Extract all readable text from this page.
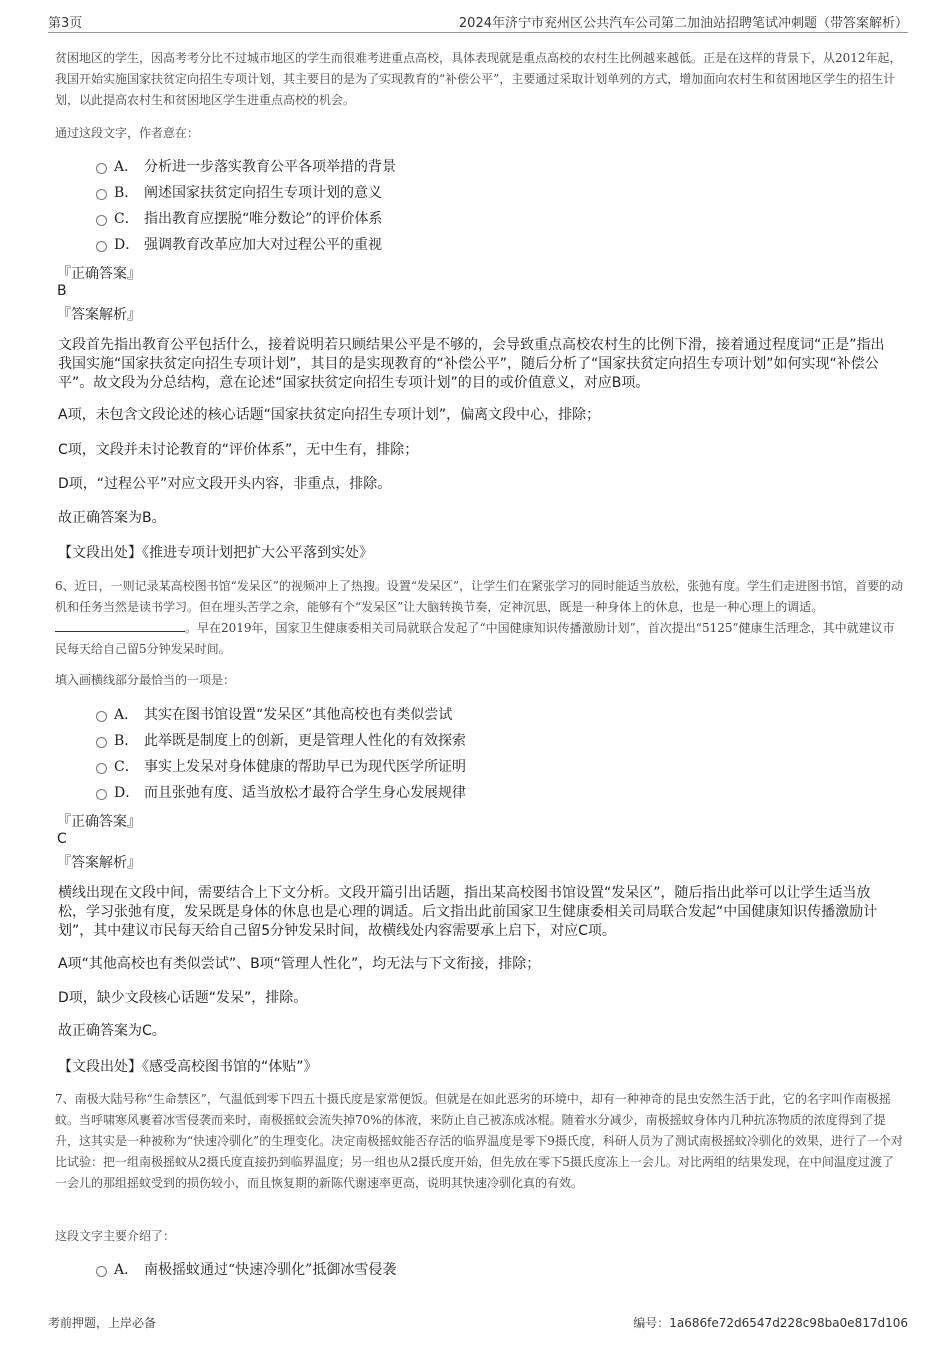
第3页	2024年济宁市兖州区公共汽车公司第二加油站招聘笔试冲刺题（带答案解析）
贫困地区的学生，因高考考分比不过城市地区的学生而很难考进重点高校，具体表现就是重点高校的农村生比例越来越低。正是在这样的背景下，从2012年起，我国开始实施国家扶贫定向招生专项计划，其主要目的是为了实现教育的“补偿公平”，主要通过采取计划单列的方式，增加面向农村生和贫困地区学生的招生计划，以此提高农村生和贫困地区学生进重点高校的机会。
通过这段文字，作者意在：
A． 分析进一步落实教育公平各项举措的背景
B． 阐述国家扶贫定向招生专项计划的意义
C． 指出教育应摆脱“唯分数论”的评价体系
D． 强调教育改革应加大对过程公平的重视
『正确答案』
B
『答案解析』
文段首先指出教育公平包括什么，接着说明若只顾结果公平是不够的，会导致重点高校农村生的比例下滑，接着通过程度词“正是”指出我国实施“国家扶贫定向招生专项计划”，其目的是实现教育的“补偿公平”，随后分析了“国家扶贫定向招生专项计划”如何实现“补偿公平”。故文段为分总结构，意在论述“国家扶贫定向招生专项计划”的目的或价值意义，对应B项。
A项，未包含文段论述的核心话题“国家扶贫定向招生专项计划”，偏离文段中心，排除；
C项，文段并未讨论教育的“评价体系”，无中生有，排除；
D项，“过程公平”对应文段开头内容，非重点，排除。
故正确答案为B。
【文段出处】《推进专项计划把扩大公平落到实处》
6、近日，一则记录某高校图书馆“发呆区”的视频冲上了热搜。设置“发呆区”，让学生们在紧张学习的同时能适当放松，张弛有度。学生们走进图书馆，首要的动机和任务当然是读书学习。但在埋头苦学之余，能够有个“发呆区”让大脑转换节奏，定神沉思，既是一种身体上的休息，也是一种心理上的调适。。早在2019年，国家卫生健康委相关司局就联合发起了“中国健康知识传播激励计划”，首次提出“5125”健康生活理念，其中就建议市民每天给自己留5分钟发呆时间。
填入画横线部分最恰当的一项是：
A． 其实在图书馆设置“发呆区”其他高校也有类似尝试
B． 此举既是制度上的创新，更是管理人性化的有效探索
C． 事实上发呆对身体健康的帮助早已为现代医学所证明
D． 而且张弛有度、适当放松才最符合学生身心发展规律
『正确答案』
C
『答案解析』
横线出现在文段中间，需要结合上下文分析。文段开篇引出话题，指出某高校图书馆设置“发呆区”，随后指出此举可以让学生适当放松，学习张弛有度，发呆既是身体的休息也是心理的调适。后文指出此前国家卫生健康委相关司局联合发起“中国健康知识传播激励计划”，其中建议市民每天给自己留5分钟发呆时间，故横线处内容需要承上启下，对应C项。
A项“其他高校也有类似尝试”、B项“管理人性化”，均无法与下文衔接，排除；
D项，缺少文段核心话题“发呆”，排除。
故正确答案为C。
【文段出处】《感受高校图书馆的“体贴”》
7、南极大陆号称“生命禁区”，气温低到零下四五十摄氏度是家常便饭。但就是在如此恶劣的环境中，却有一种神奇的昆虫安然生活于此，它的名字叫作南极摇蚊。当呼啸寒风裹着冰雪侵袭而来时，南极摇蚊会流失掉70%的体液，来防止自己被冻成冰棍。随着水分减少，南极摇蚊身体内几种抗冻物质的浓度得到了提升，这其实是一种被称为“快速冷驯化”的生理变化。决定南极摇蚊能否存活的临界温度是零下9摄氏度，科研人员为了测试南极摇蚊冷驯化的效果，进行了一个对比试验：把一组南极摇蚊从2摄氏度直接扔到临界温度；另一组也从2摄氏度开始，但先放在零下5摄氏度冻上一会儿。对比两组的结果发现，在中间温度过渡了一会儿的那组摇蚊受到的损伤较小，而且恢复期的新陈代谢速率更高，说明其快速冷驯化真的有效。
这段文字主要介绍了：
A． 南极摇蚊通过“快速冷驯化”抵御冰雪侵袭
考前押题，上岸必备	编号：1a686fe72d6547d228c98ba0e817d106
